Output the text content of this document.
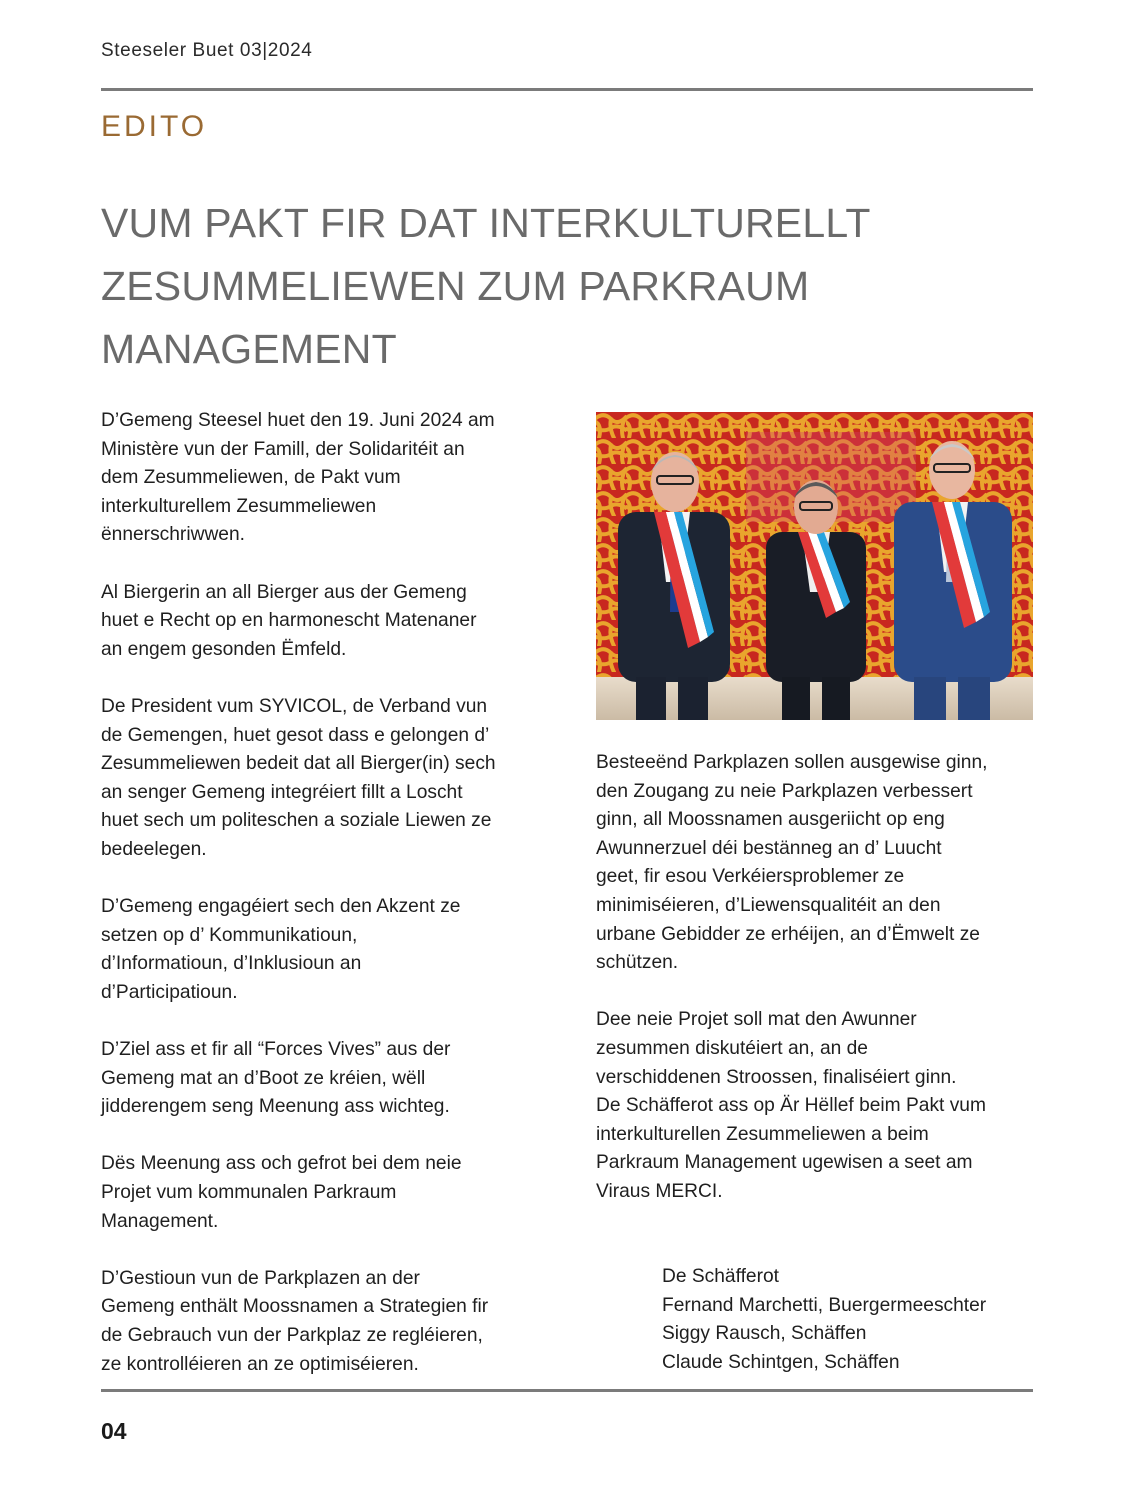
Steeseler Buet 03|2024
EDITO
VUM PAKT FIR DAT INTERKULTURELLT
ZESUMMELIEWEN ZUM PARKRAUM
MANAGEMENT

D’Gemeng Steesel huet den 19. Juni 2024 am
Ministère vun der Famill, der Solidaritéit an
dem Zesummeliewen, de Pakt vum
interkulturellem Zesummeliewen
ënnerschriwwen.

Al Biergerin an all Bierger aus der Gemeng
huet e Recht op en harmonescht Matenaner
an engem gesonden Ëmfeld.

De President vum SYVICOL, de Verband vun
de Gemengen, huet gesot dass e gelongen d’
Zesummeliewen bedeit dat all Bierger(in) sech
an senger Gemeng integréiert fillt a Loscht
huet sech um politeschen a soziale Liewen ze
bedeelegen.

D’Gemeng engagéiert sech den Akzent ze
setzen op d’ Kommunikatioun,
d’Informatioun, d’Inklusioun an
d’Participatioun.

D’Ziel ass et fir all “Forces Vives” aus der
Gemeng mat an d’Boot ze kréien, wëll
jidderengem seng Meenung ass wichteg.

Dës Meenung ass och gefrot bei dem neie
Projet vum kommunalen Parkraum
Management.

D’Gestioun vun de Parkplazen an der
Gemeng enthält Moossnamen a Strategien fir
de Gebrauch vun der Parkplaz ze regléieren,
ze kontrolléieren an ze optimiséieren.

Besteeënd Parkplazen sollen ausgewise ginn,
den Zougang zu neie Parkplazen verbessert
ginn, all Moossnamen ausgeriicht op eng
Awunnerzuel déi bestänneg an d’ Luucht
geet, fir esou Verkéiersproblemer ze
minimiséieren, d’Liewensqualitéit an den
urbane Gebidder ze erhéijen, an d’Ëmwelt ze
schützen.

Dee neie Projet soll mat den Awunner
zesummen diskutéiert an, an de
verschiddenen Stroossen, finaliséiert ginn.

De Schäfferot ass op Är Hëllef beim Pakt vum
interkulturellen Zesummeliewen a beim
Parkraum Management ugewisen a seet am
Viraus MERCI.

De Schäfferot
Fernand Marchetti, Buergermeeschter
Siggy Rausch, Schäffen
Claude Schintgen, Schäffen
04
